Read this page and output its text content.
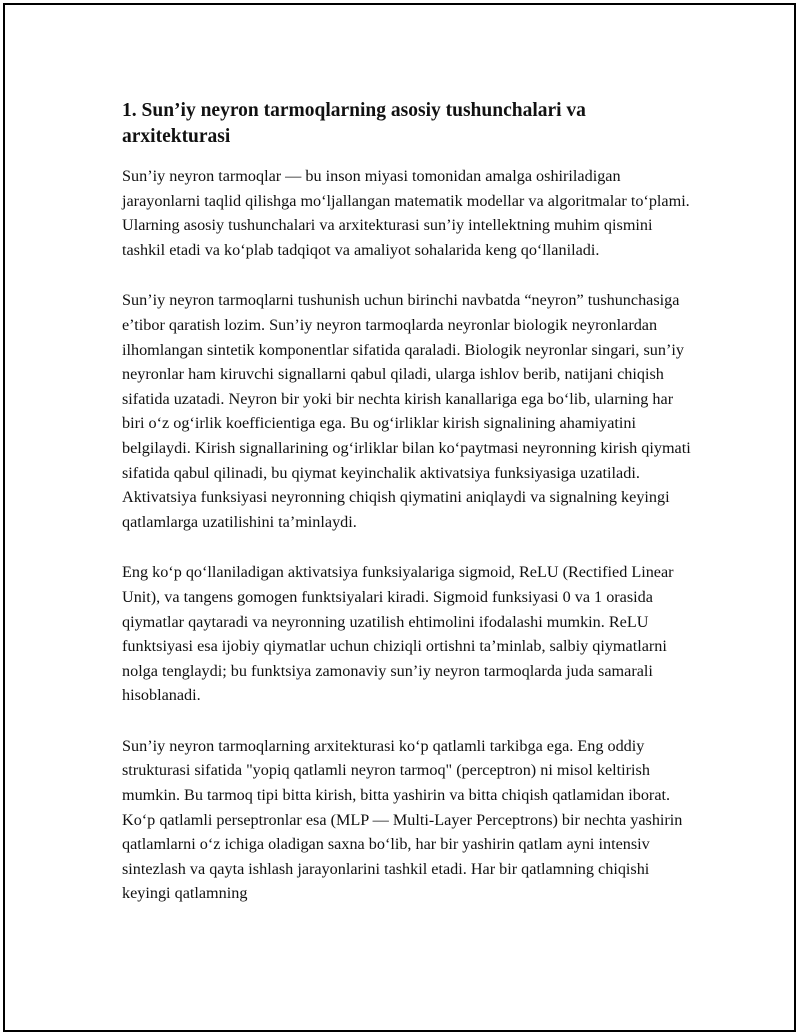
1. Sun’iy neyron tarmoqlarning asosiy tushunchalari va arxitekturasi

Sun’iy neyron tarmoqlar — bu inson miyasi tomonidan amalga oshiriladigan jarayonlarni taqlid qilishga mo‘ljallangan matematik modellar va algoritmalar to‘plami. Ularning asosiy tushunchalari va arxitekturasi sun’iy intellektning muhim qismini tashkil etadi va ko‘plab tadqiqot va amaliyot sohalarida keng qo‘llaniladi.

Sun’iy neyron tarmoqlarni tushunish uchun birinchi navbatda “neyron” tushunchasiga e’tibor qaratish lozim. Sun’iy neyron tarmoqlarda neyronlar biologik neyronlardan ilhomlangan sintetik komponentlar sifatida qaraladi. Biologik neyronlar singari, sun’iy neyronlar ham kiruvchi signallarni qabul qiladi, ularga ishlov berib, natijani chiqish sifatida uzatadi. Neyron bir yoki bir nechta kirish kanallariga ega bo‘lib, ularning har biri o‘z og‘irlik koefficientiga ega. Bu og‘irliklar kirish signalining ahamiyatini belgilaydi. Kirish signallarining og‘irliklar bilan ko‘paytmasi neyronning kirish qiymati sifatida qabul qilinadi, bu qiymat keyinchalik aktivatsiya funksiyasiga uzatiladi. Aktivatsiya funksiyasi neyronning chiqish qiymatini aniqlaydi va signalning keyingi qatlamlarga uzatilishini ta’minlaydi.

Eng ko‘p qo‘llaniladigan aktivatsiya funksiyalariga sigmoid, ReLU (Rectified Linear Unit), va tangens gomogen funktsiyalari kiradi. Sigmoid funksiyasi 0 va 1 orasida qiymatlar qaytaradi va neyronning uzatilish ehtimolini ifodalashi mumkin. ReLU funktsiyasi esa ijobiy qiymatlar uchun chiziqli ortishni ta’minlab, salbiy qiymatlarni nolga tenglaydi; bu funktsiya zamonaviy sun’iy neyron tarmoqlarda juda samarali hisoblanadi.

Sun’iy neyron tarmoqlarning arxitekturasi ko‘p qatlamli tarkibga ega. Eng oddiy strukturasi sifatida "yopiq qatlamli neyron tarmoq" (perceptron) ni misol keltirish mumkin. Bu tarmoq tipi bitta kirish, bitta yashirin va bitta chiqish qatlamidan iborat. Ko‘p qatlamli perseptronlar esa (MLP — Multi-Layer Perceptrons) bir nechta yashirin qatlamlarni o‘z ichiga oladigan saxna bo‘lib, har bir yashirin qatlam ayni intensiv sintezlash va qayta ishlash jarayonlarini tashkil etadi. Har bir qatlamning chiqishi keyingi qatlamning
